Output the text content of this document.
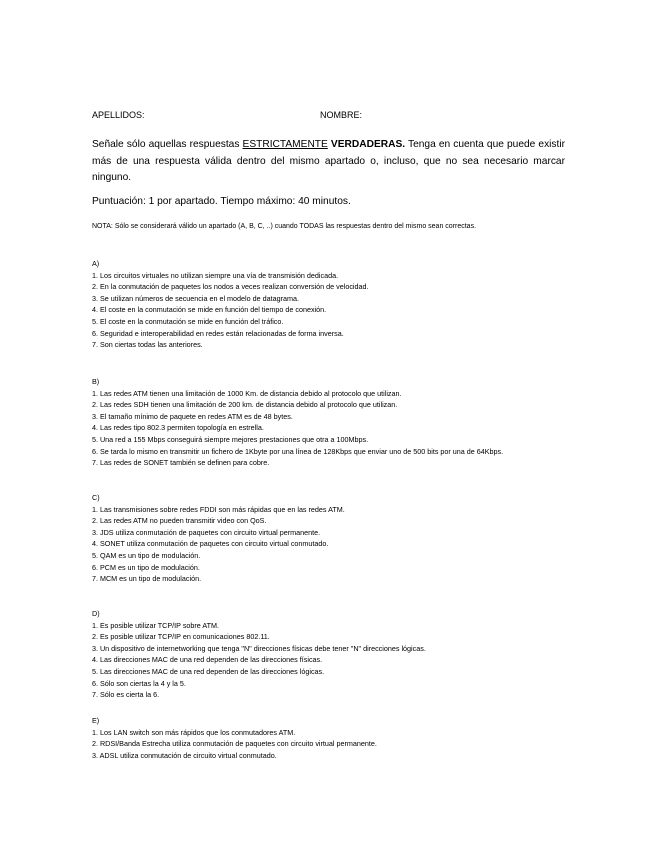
APELLIDOS:	NOMBRE:
Señale sólo aquellas respuestas ESTRICTAMENTE VERDADERAS. Tenga en cuenta que puede existir más de una respuesta válida dentro del mismo apartado o, incluso, que no sea necesario marcar ninguno.
Puntuación: 1 por apartado. Tiempo máximo: 40 minutos.
NOTA: Sólo se considerará válido un apartado (A, B, C, ..) cuando TODAS las respuestas dentro del mismo sean correctas.
A)
1. Los circuitos virtuales no utilizan siempre una vía de transmisión dedicada.
2. En la conmutación de paquetes los nodos a veces realizan conversión de velocidad.
3. Se utilizan números de secuencia en el modelo de datagrama.
4. El coste en la conmutación se mide en función del tiempo de conexión.
5. El coste en la conmutación se mide en función del tráfico.
6. Seguridad e interoperabilidad en redes están relacionadas de forma inversa.
7. Son ciertas todas las anteriores.
B)
1. Las redes ATM tienen una limitación de 1000 Km. de distancia debido al protocolo que utilizan.
2. Las redes SDH tienen una limitación de 200 km. de distancia debido al protocolo que utilizan.
3. El tamaño mínimo de paquete en redes ATM es de 48 bytes.
4. Las redes tipo 802.3 permiten topología en estrella.
5. Una red a 155 Mbps conseguirá siempre mejores prestaciones que otra a 100Mbps.
6. Se tarda lo mismo en transmitir un fichero de 1Kbyte por una línea de 128Kbps que enviar uno de 500 bits por una de 64Kbps.
7. Las redes de SONET también se definen para cobre.
C)
1. Las transmisiones sobre redes FDDI son más rápidas que en las redes ATM.
2. Las redes ATM no pueden transmitir video con QoS.
3. JDS utiliza conmutación de paquetes con circuito virtual permanente.
4. SONET utiliza conmutación de paquetes con circuito virtual conmutado.
5. QAM es un tipo de modulación.
6. PCM es un tipo de modulación.
7. MCM es un tipo de modulación.
D)
1. Es posible utilizar TCP/IP sobre ATM.
2. Es posible utilizar TCP/IP en comunicaciones 802.11.
3. Un dispositivo de internetworking que tenga "N" direcciones físicas debe tener "N" direcciones lógicas.
4. Las direcciones MAC de una red dependen de las direcciones físicas.
5. Las direcciones MAC de una red dependen de las direcciones lógicas.
6. Sólo son ciertas la 4 y la 5.
7. Sólo es cierta la 6.
E)
1. Los LAN switch son más rápidos que los conmutadores ATM.
2. RDSI/Banda Estrecha utiliza conmutación de paquetes con circuito virtual permanente.
3. ADSL utiliza conmutación de circuito virtual conmutado.
